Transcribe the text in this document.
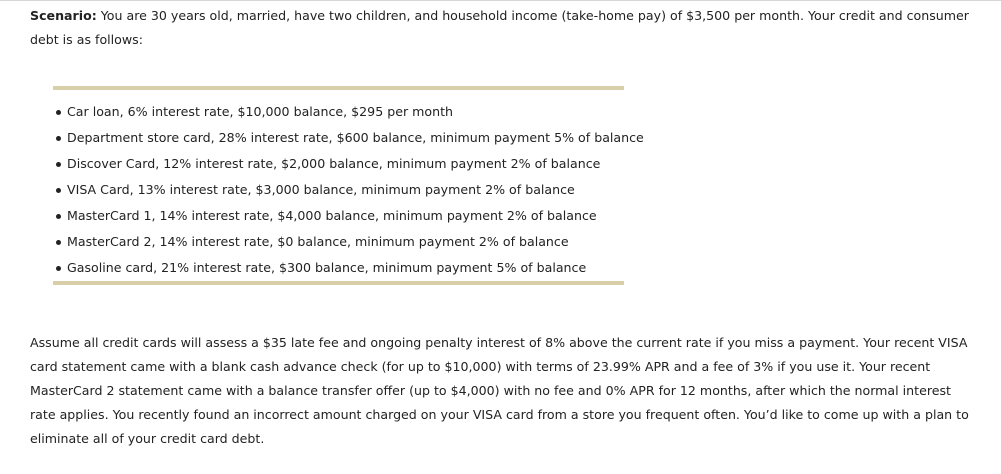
Scenario: You are 30 years old, married, have two children, and household income (take-home pay) of $3,500 per month. Your credit and consumer debt is as follows:

Car loan, 6% interest rate, $10,000 balance, $295 per month
Department store card, 28% interest rate, $600 balance, minimum payment 5% of balance
Discover Card, 12% interest rate, $2,000 balance, minimum payment 2% of balance
VISA Card, 13% interest rate, $3,000 balance, minimum payment 2% of balance
MasterCard 1, 14% interest rate, $4,000 balance, minimum payment 2% of balance
MasterCard 2, 14% interest rate, $0 balance, minimum payment 2% of balance
Gasoline card, 21% interest rate, $300 balance, minimum payment 5% of balance

Assume all credit cards will assess a $35 late fee and ongoing penalty interest of 8% above the current rate if you miss a payment. Your recent VISA card statement came with a blank cash advance check (for up to $10,000) with terms of 23.99% APR and a fee of 3% if you use it. Your recent MasterCard 2 statement came with a balance transfer offer (up to $4,000) with no fee and 0% APR for 12 months, after which the normal interest rate applies. You recently found an incorrect amount charged on your VISA card from a store you frequent often. You’d like to come up with a plan to eliminate all of your credit card debt.
